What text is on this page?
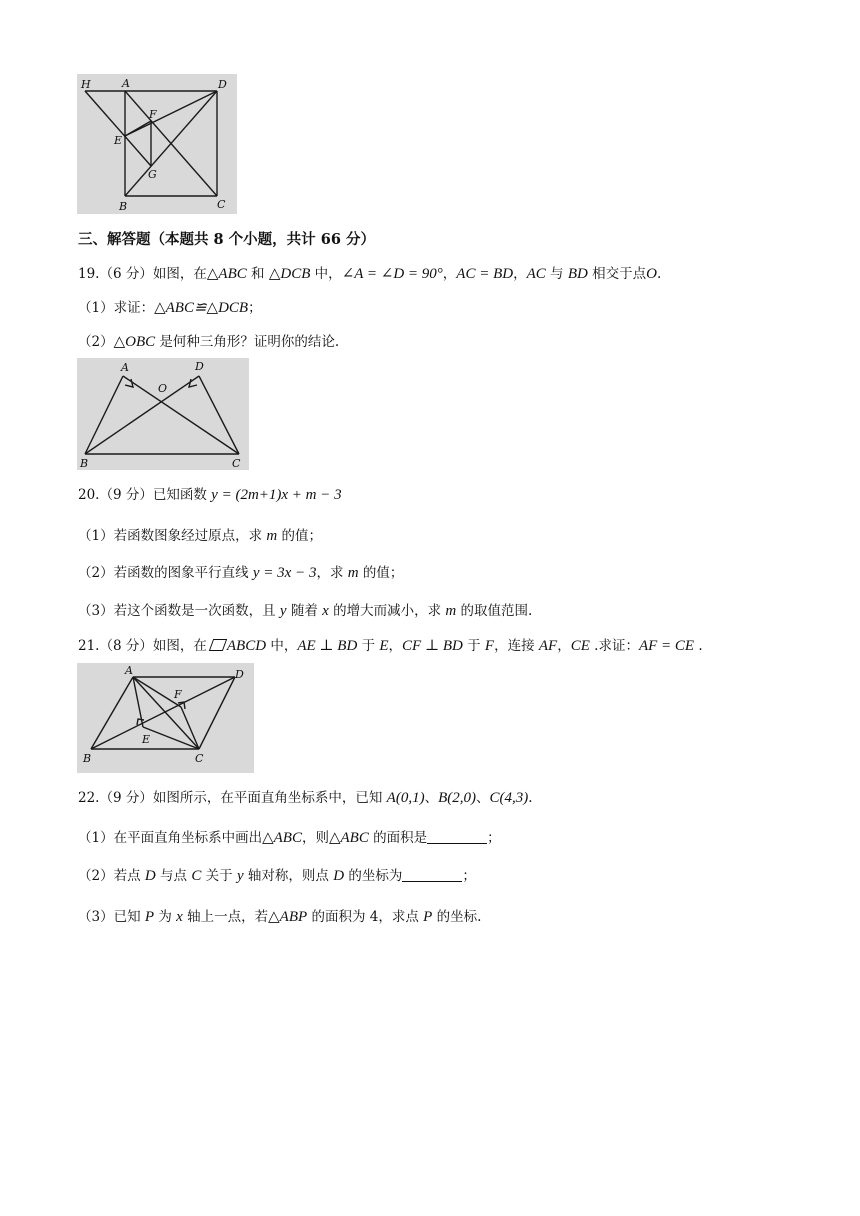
H	A	D
F
E
G
B	C
三、解答题（本题共 8 个小题，共计 66 分）
19.（6 分）如图，在△ABC 和 △DCB 中，∠A = ∠D = 90°，AC = BD，AC 与 BD 相交于点O.
（1）求证：△ABC≌△DCB；
（2）△OBC 是何种三角形？证明你的结论.
A	D
O
B	C
20.（9 分）已知函数 y = (2m+1)x + m − 3
（1）若函数图象经过原点，求 m 的值；
（2）若函数的图象平行直线 y = 3x − 3，求 m 的值；
（3）若这个函数是一次函数，且 y 随着 x 的增大而减小，求 m 的取值范围.
21.（8 分）如图，在 ABCD 中，AE ⊥ BD 于 E，CF ⊥ BD 于 F，连接 AF，CE .求证：AF = CE .
A	D
F
E
B	C
22.（9 分）如图所示，在平面直角坐标系中，已知 A(0,1)、B(2,0)、C(4,3).
（1）在平面直角坐标系中画出△ABC，则△ABC 的面积是	；
（2）若点 D 与点 C 关于 y 轴对称，则点 D 的坐标为	；
（3）已知 P 为 x 轴上一点，若△ABP 的面积为 4，求点 P 的坐标.
